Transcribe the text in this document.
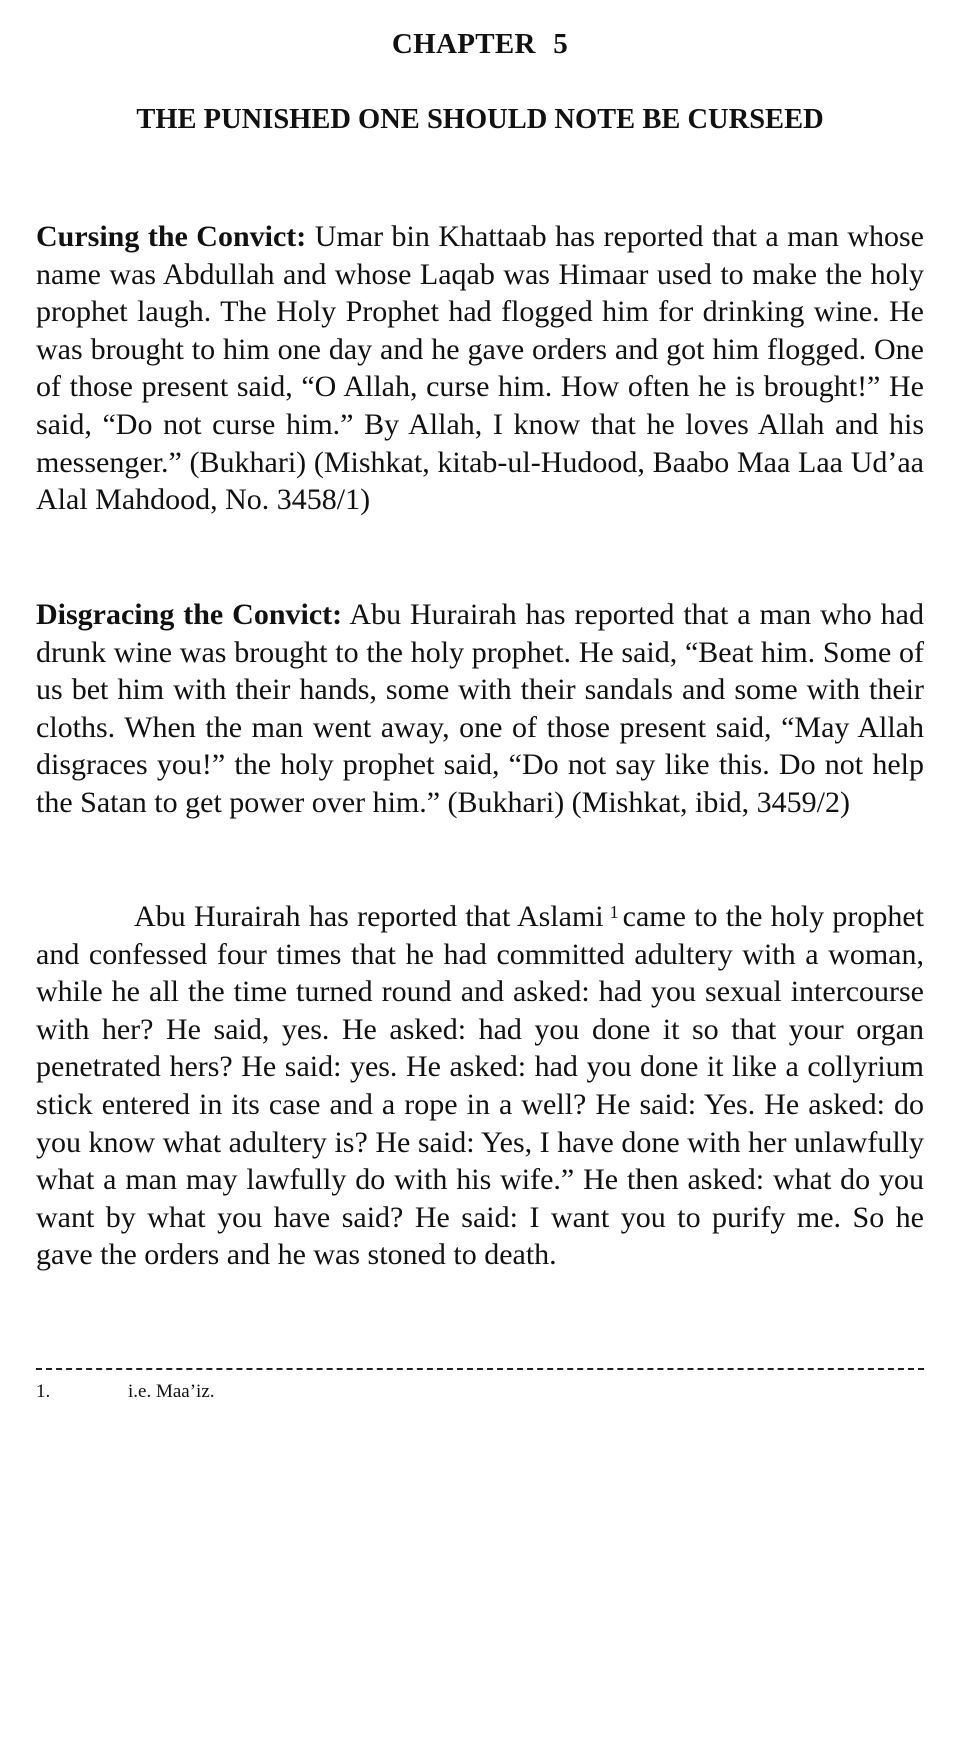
CHAPTER 5
THE PUNISHED ONE SHOULD NOTE BE CURSEED

Cursing the Convict: Umar bin Khattaab has reported that a man whose name was Abdullah and whose Laqab was Himaar used to make the holy prophet laugh. The Holy Prophet had flogged him for drinking wine. He was brought to him one day and he gave orders and got him flogged. One of those present said, “O Allah, curse him. How often he is brought!” He said, “Do not curse him.” By Allah, I know that he loves Allah and his messenger.” (Bukhari) (Mishkat, kitab-ul-Hudood, Baabo Maa Laa Ud’aa Alal Mahdood, No. 3458/1)

Disgracing the Convict: Abu Hurairah has reported that a man who had drunk wine was brought to the holy prophet. He said, “Beat him. Some of us bet him with their hands, some with their sandals and some with their cloths. When the man went away, one of those present said, “May Allah disgraces you!” the holy prophet said, “Do not say like this. Do not help the Satan to get power over him.” (Bukhari) (Mishkat, ibid, 3459/2)

Abu Hurairah has reported that Aslami $^1$ came to the holy prophet and confessed four times that he had committed adultery with a woman, while he all the time turned round and asked: had you sexual intercourse with her? He said, yes. He asked: had you done it so that your organ penetrated hers? He said: yes. He asked: had you done it like a collyrium stick entered in its case and a rope in a well? He said: Yes. He asked: do you know what adultery is? He said: Yes, I have done with her unlawfully what a man may lawfully do with his wife.” He then asked: what do you want by what you have said? He said: I want you to purify me. So he gave the orders and he was stoned to death.

1.	i.e. Maa’iz.
